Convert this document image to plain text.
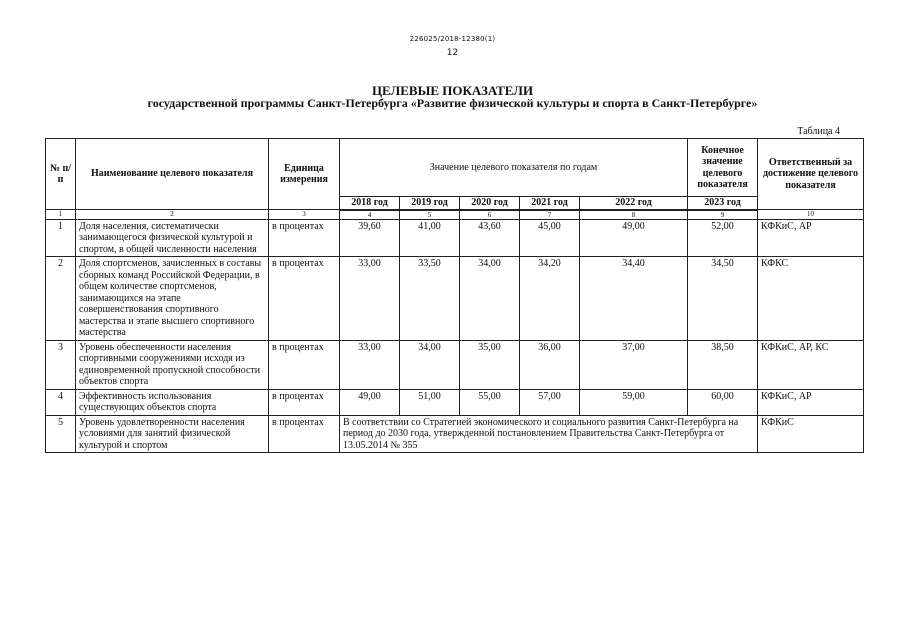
226025/2018-12380(1)
12
ЦЕЛЕВЫЕ ПОКАЗАТЕЛИ
государственной программы Санкт-Петербурга «Развитие физической культуры и спорта в Санкт-Петербурге»
Таблица 4
№ п/п	Наименование целевого показателя	Единица измерения	Значение целевого показателя по годам					Конечное значение целевого показателя	Ответственный за достижение целевого показателя
			2018 год	2019 год	2020 год	2021 год	2022 год	2023 год	
1	2	3	4	5	6	7	8	9	10
1	Доля населения, систематически занимающегося физической культурой и спортом, в общей численности населения	в процентах	39,60	41,00	43,60	45,00	49,00	52,00	КФКиС, АР
2	Доля спортсменов, зачисленных в составы сборных команд Российской Федерации, в общем количестве спортсменов, занимающихся на этапе совершенствования спортивного мастерства и этапе высшего спортивного мастерства	в процентах	33,00	33,50	34,00	34,20	34,40	34,50	КФКС
3	Уровень обеспеченности населения спортивными сооружениями исходя из единовременной пропускной способности объектов спорта	в процентах	33,00	34,00	35,00	36,00	37,00	38,50	КФКиС, АР, КС
4	Эффективность использования существующих объектов спорта	в процентах	49,00	51,00	55,00	57,00	59,00	60,00	КФКиС, АР
5	Уровень удовлетворенности населения условиями для занятий физической культурой и спортом	в процентах	В соответствии со Стратегией экономического и социального развития Санкт-Петербурга на период до 2030 года, утвержденной постановлением Правительства Санкт-Петербурга от 13.05.2014 № 355						КФКиС
